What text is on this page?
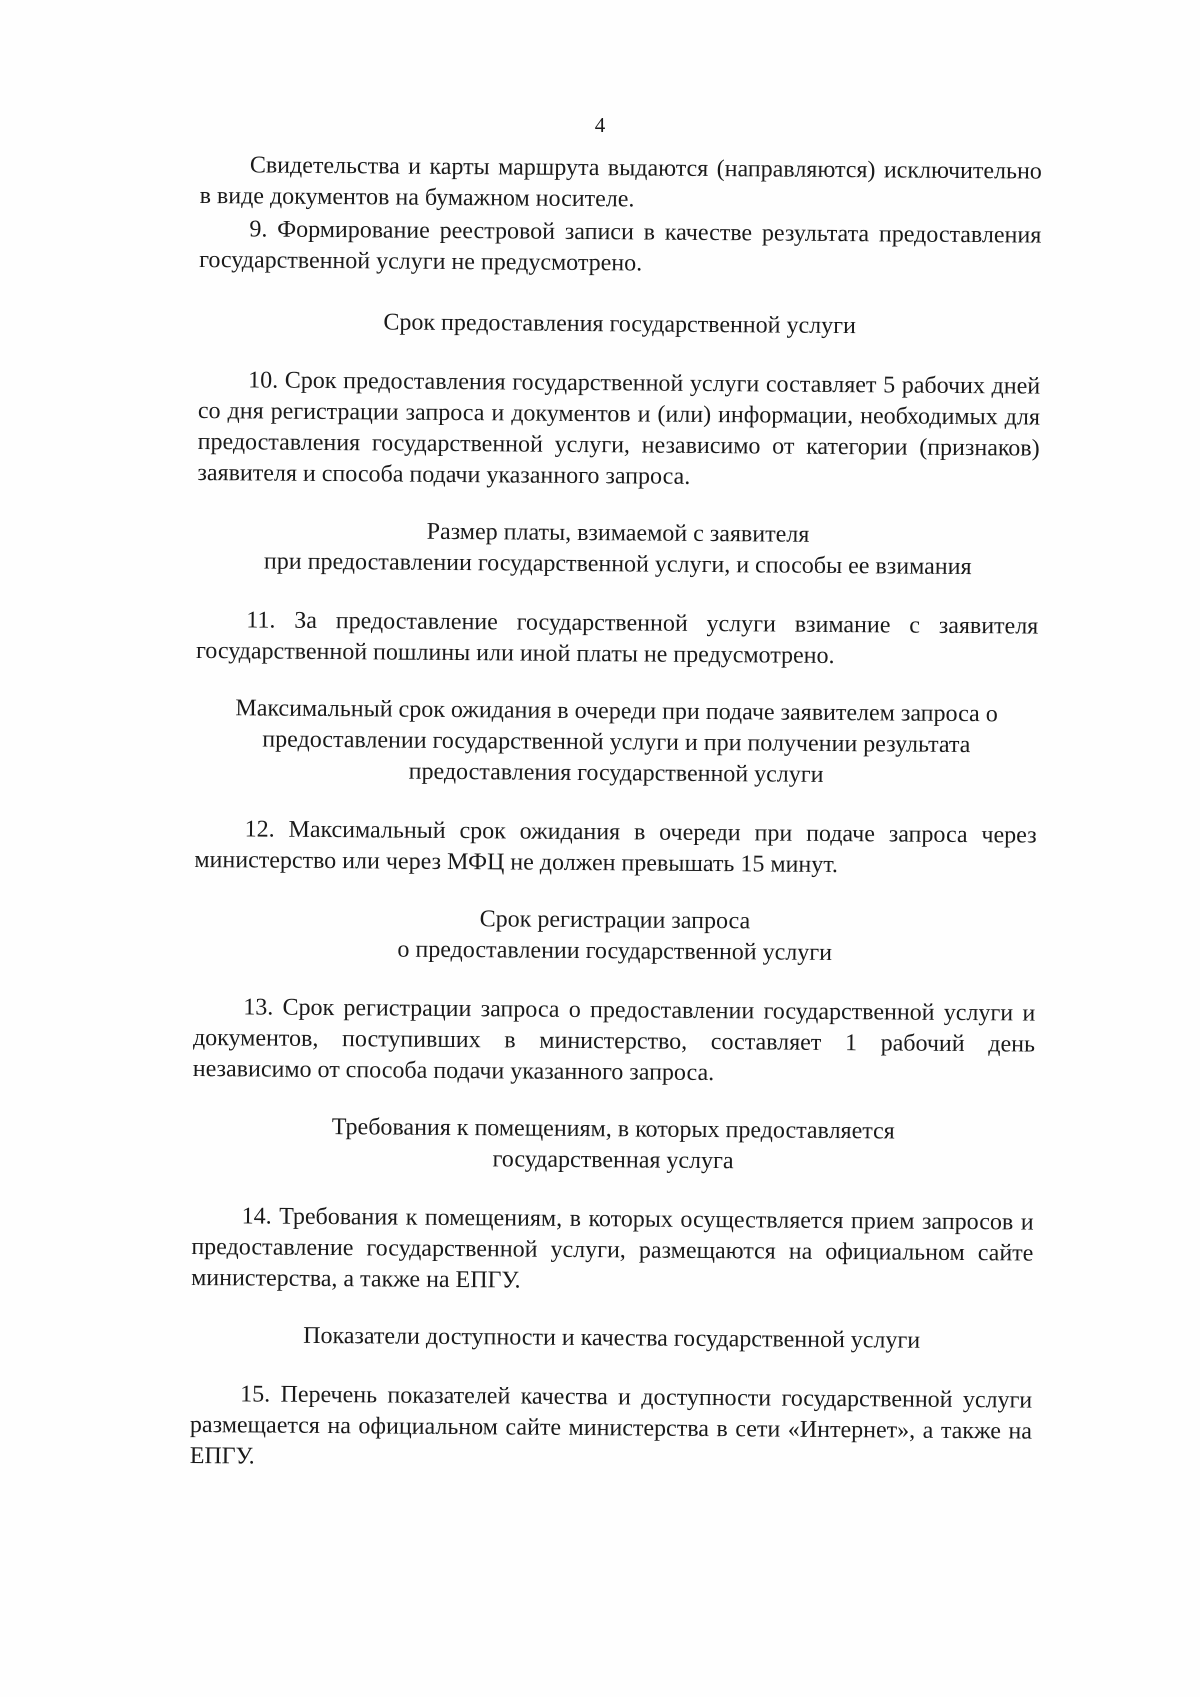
4

Свидетельства и карты маршрута выдаются (направляются) исключительно в виде документов на бумажном носителе.

9. Формирование реестровой записи в качестве результата предоставления государственной услуги не предусмотрено.

Срок предоставления государственной услуги

10. Срок предоставления государственной услуги составляет 5 рабочих дней со дня регистрации запроса и документов и (или) информации, необходимых для предоставления государственной услуги, независимо от категории (признаков) заявителя и способа подачи указанного запроса.

Размер платы, взимаемой с заявителя
при предоставлении государственной услуги, и способы ее взимания

11. За предоставление государственной услуги взимание с заявителя государственной пошлины или иной платы не предусмотрено.

Максимальный срок ожидания в очереди при подаче заявителем запроса о
предоставлении государственной услуги и при получении результата
предоставления государственной услуги

12. Максимальный срок ожидания в очереди при подаче запроса через министерство или через МФЦ не должен превышать 15 минут.

Срок регистрации запроса
о предоставлении государственной услуги

13. Срок регистрации запроса о предоставлении государственной услуги и документов, поступивших в министерство, составляет 1 рабочий день независимо от способа подачи указанного запроса.

Требования к помещениям, в которых предоставляется
государственная услуга

14. Требования к помещениям, в которых осуществляется прием запросов и предоставление государственной услуги, размещаются на официальном сайте министерства, а также на ЕПГУ.

Показатели доступности и качества государственной услуги

15. Перечень показателей качества и доступности государственной услуги размещается на официальном сайте министерства в сети «Интернет», а также на ЕПГУ.
